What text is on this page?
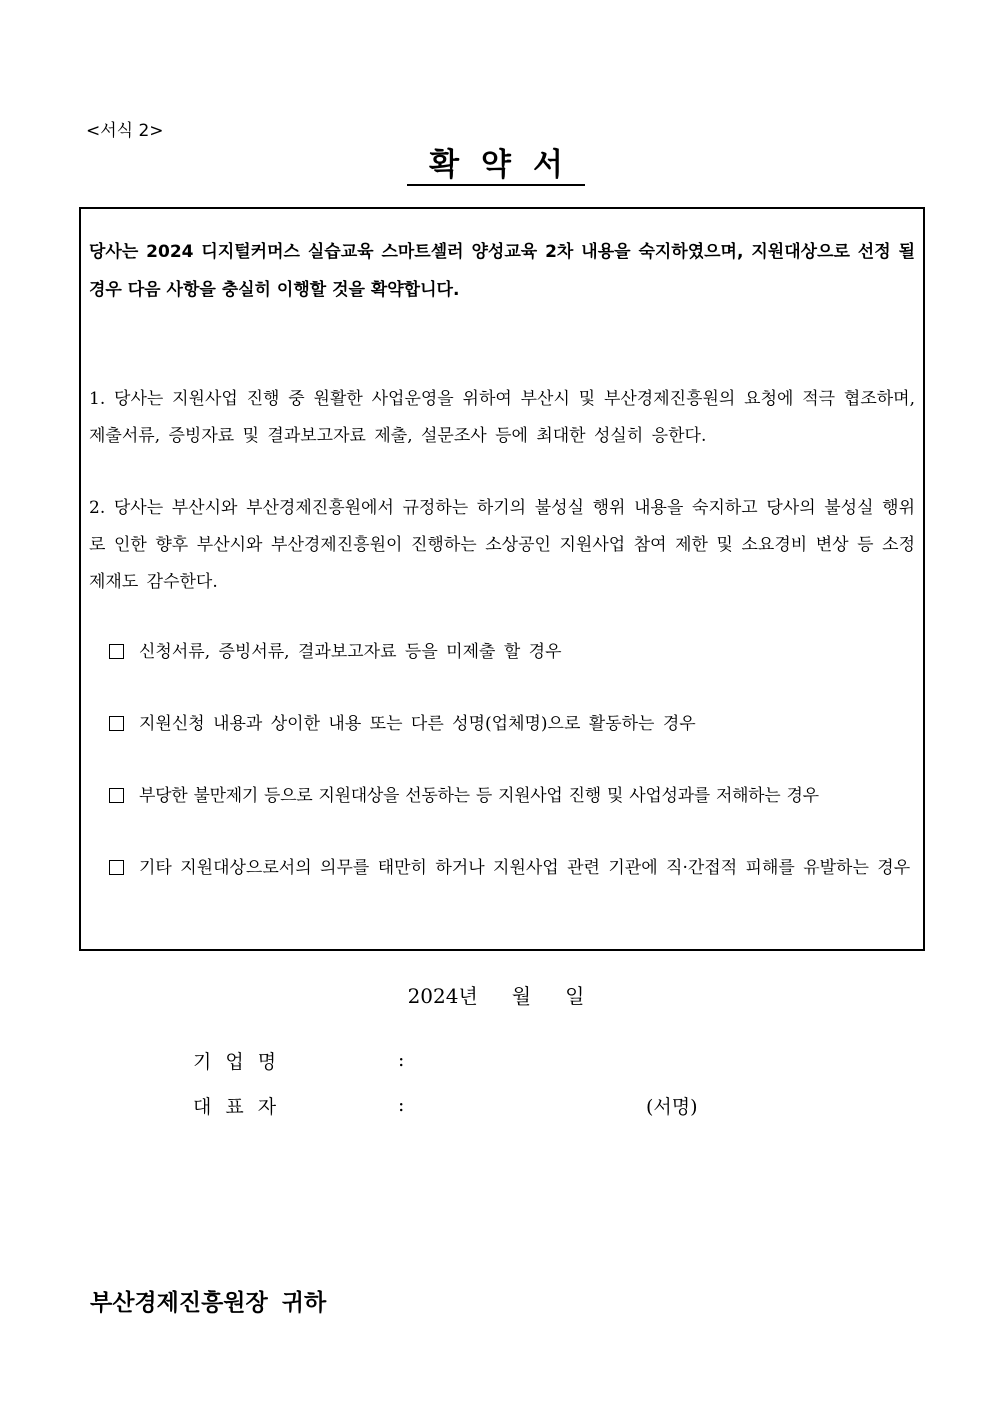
<서식 2>
확약서
당사는 2024 디지털커머스 실습교육 스마트셀러 양성교육 2차 내용을 숙지하였으며, 지원대상으로 선정 될 경우 다음 사항을 충실히 이행할 것을 확약합니다.
1. 당사는 지원사업 진행 중 원활한 사업운영을 위하여 부산시 및 부산경제진흥원의 요청에 적극 협조하며, 제출서류, 증빙자료 및 결과보고자료 제출, 설문조사 등에 최대한 성실히 응한다.
2. 당사는 부산시와 부산경제진흥원에서 규정하는 하기의 불성실 행위 내용을 숙지하고 당사의 불성실 행위로 인한 향후 부산시와 부산경제진흥원이 진행하는 소상공인 지원사업 참여 제한 및 소요경비 변상 등 소정 제재도 감수한다.
신청서류, 증빙서류, 결과보고자료 등을 미제출 할 경우
지원신청 내용과 상이한 내용 또는 다른 성명(업체명)으로 활동하는 경우
부당한 불만제기 등으로 지원대상을 선동하는 등 지원사업 진행 및 사업성과를 저해하는 경우
기타 지원대상으로서의 의무를 태만히 하거나 지원사업 관련 기관에 직·간접적 피해를 유발하는 경우
2024년 월 일
기업명	:
대표자	:	(서명)
부산경제진흥원장 귀하
